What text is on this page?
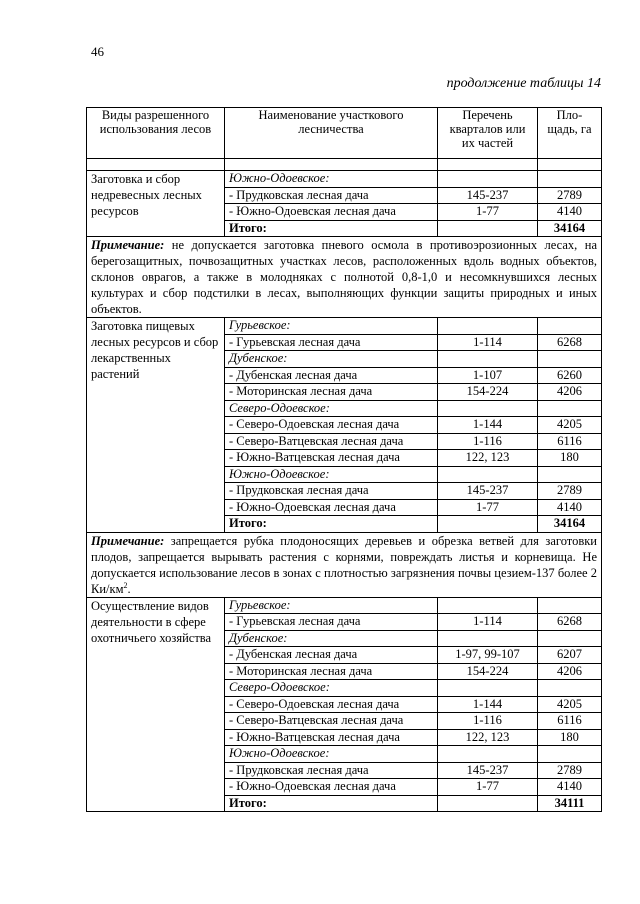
46
продолжение таблицы 14
Виды разрешенного использования лесов	Наименование участкового лесничества	Перечень кварталов или их частей	Пло-щадь, га

Заготовка и сбор недревесных лесных ресурсов	Южно-Одоевское:		
	- Прудковская лесная дача	145-237	2789
	- Южно-Одоевская лесная дача	1-77	4140
	Итого:		34164
Примечание: не допускается заготовка пневого осмола в противоэрозионных лесах, на берегозащитных, почвозащитных участках лесов, расположенных вдоль водных объектов, склонов оврагов, а также в молодняках с полнотой 0,8-1,0 и несомкнувшихся лесных культурах и сбор подстилки в лесах, выполняющих функции защиты природных и иных объектов.			
Заготовка пищевых лесных ресурсов и сбор лекарственных растений	Гурьевское:		
	- Гурьевская лесная дача	1-114	6268
	Дубенское:		
	- Дубенская лесная дача	1-107	6260
	- Моторинская лесная дача	154-224	4206
	Северо-Одоевское:		
	- Северо-Одоевская лесная дача	1-144	4205
	- Северо-Ватцевская лесная дача	1-116	6116
	- Южно-Ватцевская лесная дача	122, 123	180
	Южно-Одоевское:		
	- Прудковская лесная дача	145-237	2789
	- Южно-Одоевская лесная дача	1-77	4140
	Итого:		34164
Примечание: запрещается рубка плодоносящих деревьев и обрезка ветвей для заготовки плодов, запрещается вырывать растения с корнями, повреждать листья и корневища. Не допускается использование лесов в зонах с плотностью загрязнения почвы цезием-137 более 2 $Ки/км^2$.			
Осуществление видов деятельности в сфере охотничьего хозяйства	Гурьевское:		
	- Гурьевская лесная дача	1-114	6268
	Дубенское:		
	- Дубенская лесная дача	1-97, 99-107	6207
	- Моторинская лесная дача	154-224	4206
	Северо-Одоевское:		
	- Северо-Одоевская лесная дача	1-144	4205
	- Северо-Ватцевская лесная дача	1-116	6116
	- Южно-Ватцевская лесная дача	122, 123	180
	Южно-Одоевское:		
	- Прудковская лесная дача	145-237	2789
	- Южно-Одоевская лесная дача	1-77	4140
	Итого:		34111
